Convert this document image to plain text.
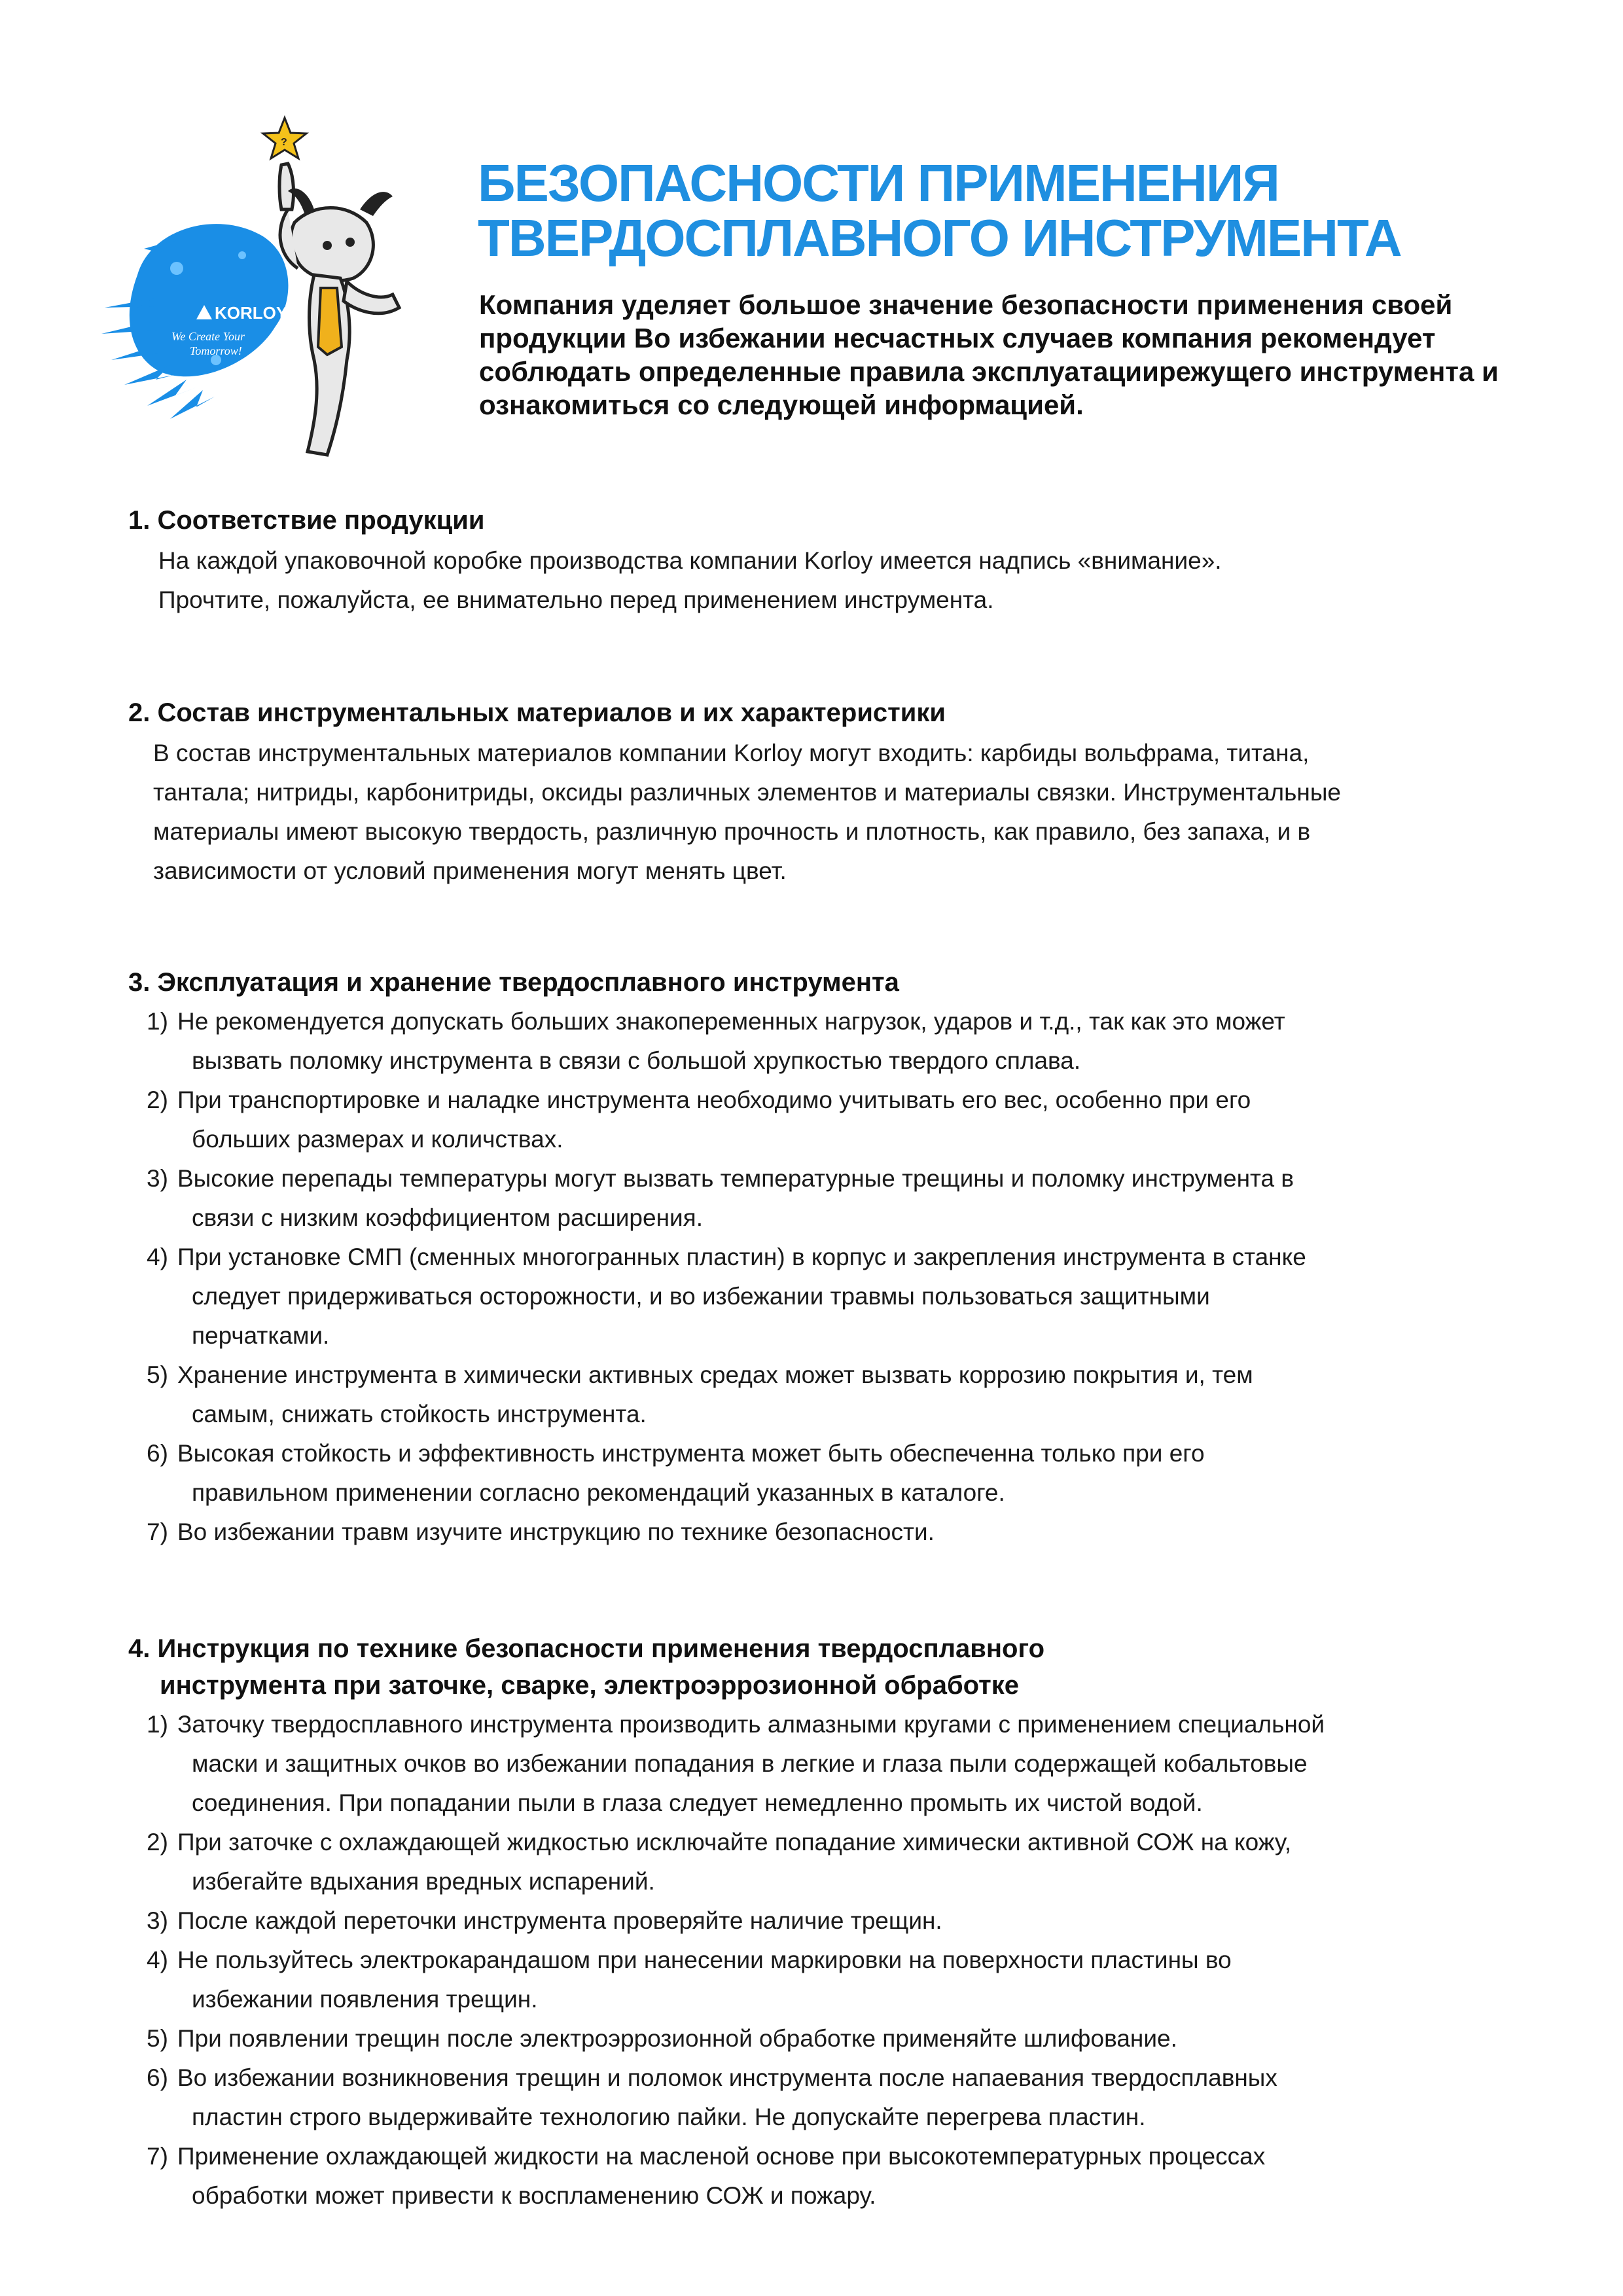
KORLOY
We Create Your
Tomorrow!
?
БЕЗОПАСНОСТИ ПРИМЕНЕНИЯ
ТВЕРДОСПЛАВНОГО ИНСТРУМЕНТА

Компания уделяет большое значение безопасности применения своей
продукции Во избежании несчастных случаев компания рекомендует
соблюдать определенные правила эксплуатациирежущего инструмента и
ознакомиться со следующей информацией.

1. Соответствие продукции

На каждой упаковочной коробке производства компании Korloy имеется надпись «внимание».
Прочтите, пожалуйста, ее внимательно перед применением инструмента.

2. Состав инструментальных материалов и их характеристики

В состав инструментальных материалов компании Korloy могут входить: карбиды вольфрама, титана,
тантала; нитриды, карбонитриды, оксиды различных элементов и материалы связки. Инструментальные
материалы имеют высокую твердость, различную прочность и плотность, как правило, без запаха, и в
зависимости от условий применения могут менять цвет.

3. Эксплуатация и хранение твердосплавного инструмента
1) Не рекомендуется допускать больших знакопеременных нагрузок, ударов и т.д., так как это может
вызвать поломку инструмента в связи с большой хрупкостью твердого сплава.
2) При транспортировке и наладке инструмента необходимо учитывать его вес, особенно при его
больших размерах и количствах.
3) Высокие перепады температуры могут вызвать температурные трещины и поломку инструмента в
связи с низким коэффициентом расширения.
4) При установке СМП (сменных многогранных пластин) в корпус и закрепления инструмента в станке
следует придерживаться осторожности, и во избежании травмы пользоваться защитными
перчатками.
5) Хранение инструмента в химически активных средах может вызвать коррозию покрытия и, тем
самым, снижать стойкость инструмента.
6) Высокая стойкость и эффективность инструмента может быть обеспеченна только при его
правильном применении согласно рекомендаций указанных в каталоге.
7) Во избежании травм изучите инструкцию по технике безопасности.
4. Инструкция по технике безопасности применения твердосплавного
инструмента при заточке, сварке, электроэррозионной обработке
1) Заточку твердосплавного инструмента производить алмазными кругами с применением специальной
маски и защитных очков во избежании попадания в легкие и глаза пыли содержащей кобальтовые
соединения. При попадании пыли в глаза следует немедленно промыть их чистой водой.
2) При заточке с охлаждающей жидкостью исключайте попадание химически активной СОЖ на кожу,
избегайте вдыхания вредных испарений.
3) После каждой переточки инструмента проверяйте наличие трещин.
4) Не пользуйтесь электрокарандашом при нанесении маркировки на поверхности пластины во
избежании появления трещин.
5) При появлении трещин после электроэррозионной обработке применяйте шлифование.
6) Во избежании возникновения трещин и поломок инструмента после напаевания твердосплавных
пластин строго выдерживайте технологию пайки. Не допускайте перегрева пластин.
7) Применение охлаждающей жидкости на масленой основе при высокотемпературных процессах
обработки может привести к воспламенению СОЖ и пожару.
